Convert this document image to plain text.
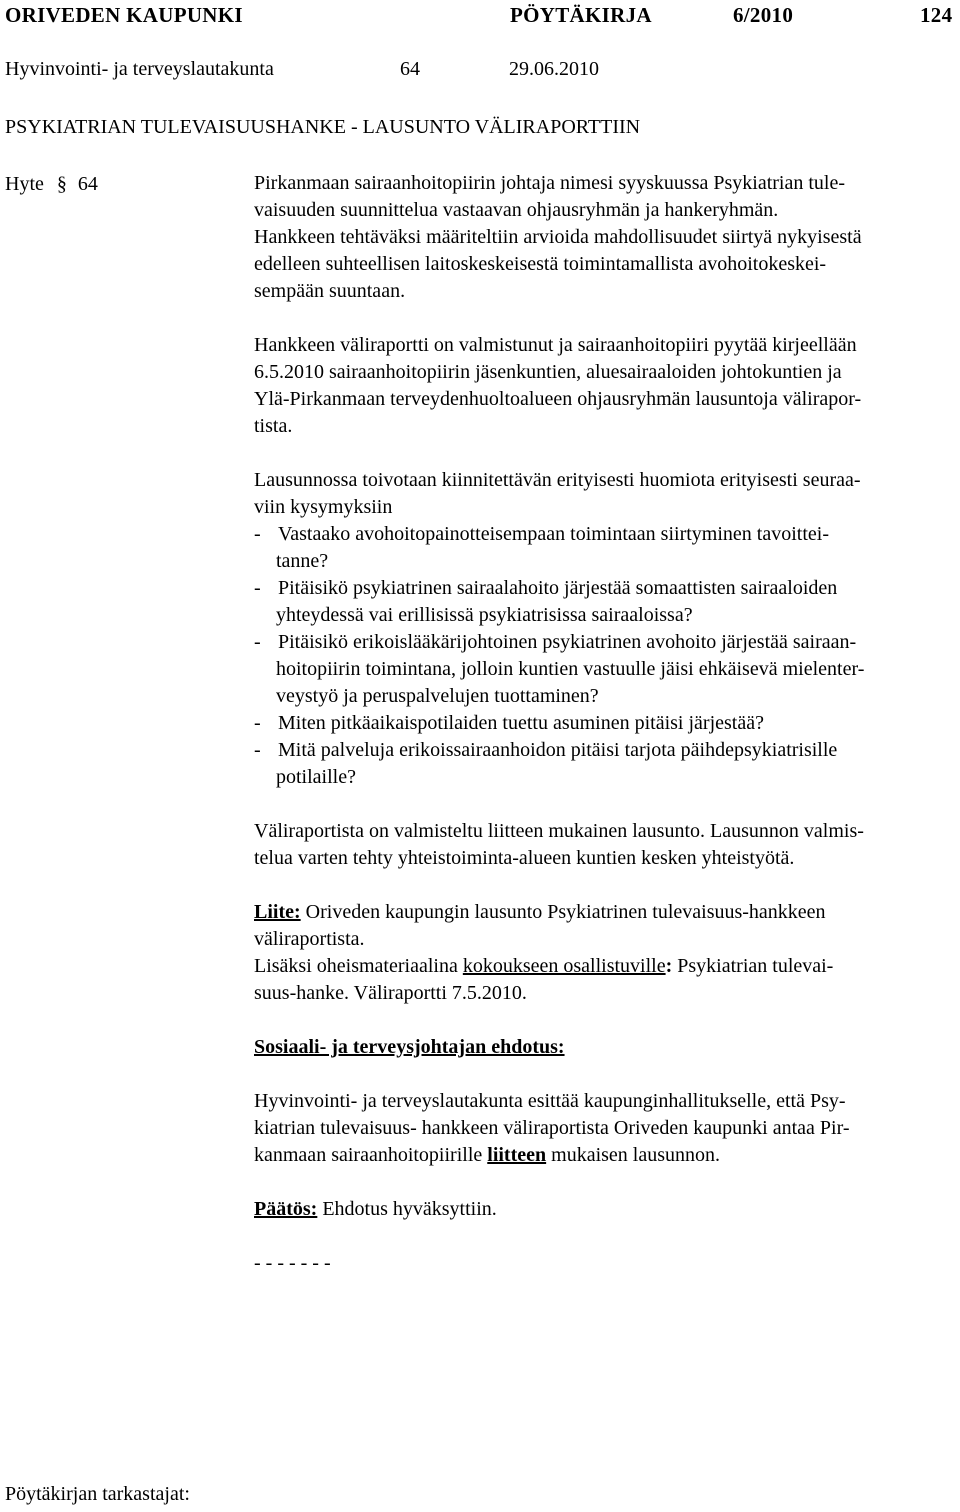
ORIVEDEN KAUPUNKI	PÖYTÄKIRJA	6/2010	124
Hyvinvointi- ja terveyslautakunta	64	29.06.2010
PSYKIATRIAN TULEVAISUUSHANKE - LAUSUNTO VÄLIRAPORTTIIN
Hyte § 64	Pirkanmaan sairaanhoitopiirin johtaja nimesi syyskuussa Psykiatrian tule-

vaisuuden suunnittelua vastaavan ohjausryhmän ja hankeryhmän.

Hankkeen tehtäväksi määriteltiin arvioida mahdollisuudet siirtyä nykyisestä

edelleen suhteellisen laitoskeskeisestä toimintamallista avohoitokeskei-

sempään suuntaan.

Hankkeen väliraportti on valmistunut ja sairaanhoitopiiri pyytää kirjeellään

6.5.2010 sairaanhoitopiirin jäsenkuntien, aluesairaaloiden johtokuntien ja

Ylä-Pirkanmaan terveydenhuoltoalueen ohjausryhmän lausuntoja välirapor-

tista.

Lausunnossa toivotaan kiinnitettävän erityisesti huomiota erityisesti seuraa-

viin kysymyksiin

- Vastaako avohoitopainotteisempaan toimintaan siirtyminen tavoittei-

tanne?

- Pitäisikö psykiatrinen sairaalahoito järjestää somaattisten sairaaloiden

yhteydessä vai erillisissä psykiatrisissa sairaaloissa?

- Pitäisikö erikoislääkärijohtoinen psykiatrinen avohoito järjestää sairaan-

hoitopiirin toimintana, jolloin kuntien vastuulle jäisi ehkäisevä mielenter-

veystyö ja peruspalvelujen tuottaminen?

- Miten pitkäaikaispotilaiden tuettu asuminen pitäisi järjestää?

- Mitä palveluja erikoissairaanhoidon pitäisi tarjota päihdepsykiatrisille

potilaille?

Väliraportista on valmisteltu liitteen mukainen lausunto. Lausunnon valmis-

telua varten tehty yhteistoiminta-alueen kuntien kesken yhteistyötä.

Liite: Oriveden kaupungin lausunto Psykiatrinen tulevaisuus-hankkeen

väliraportista.

Lisäksi oheismateriaalina kokoukseen osallistuville: Psykiatrian tulevai-

suus-hanke. Väliraportti 7.5.2010.

Sosiaali- ja terveysjohtajan ehdotus:

Hyvinvointi- ja terveyslautakunta esittää kaupunginhallitukselle, että Psy-

kiatrian tulevaisuus- hankkeen väliraportista Oriveden kaupunki antaa Pir-

kanmaan sairaanhoitopiirille liitteen mukaisen lausunnon.

Päätös: Ehdotus hyväksyttiin.

- - - - - - -

Pöytäkirjan tarkastajat:
